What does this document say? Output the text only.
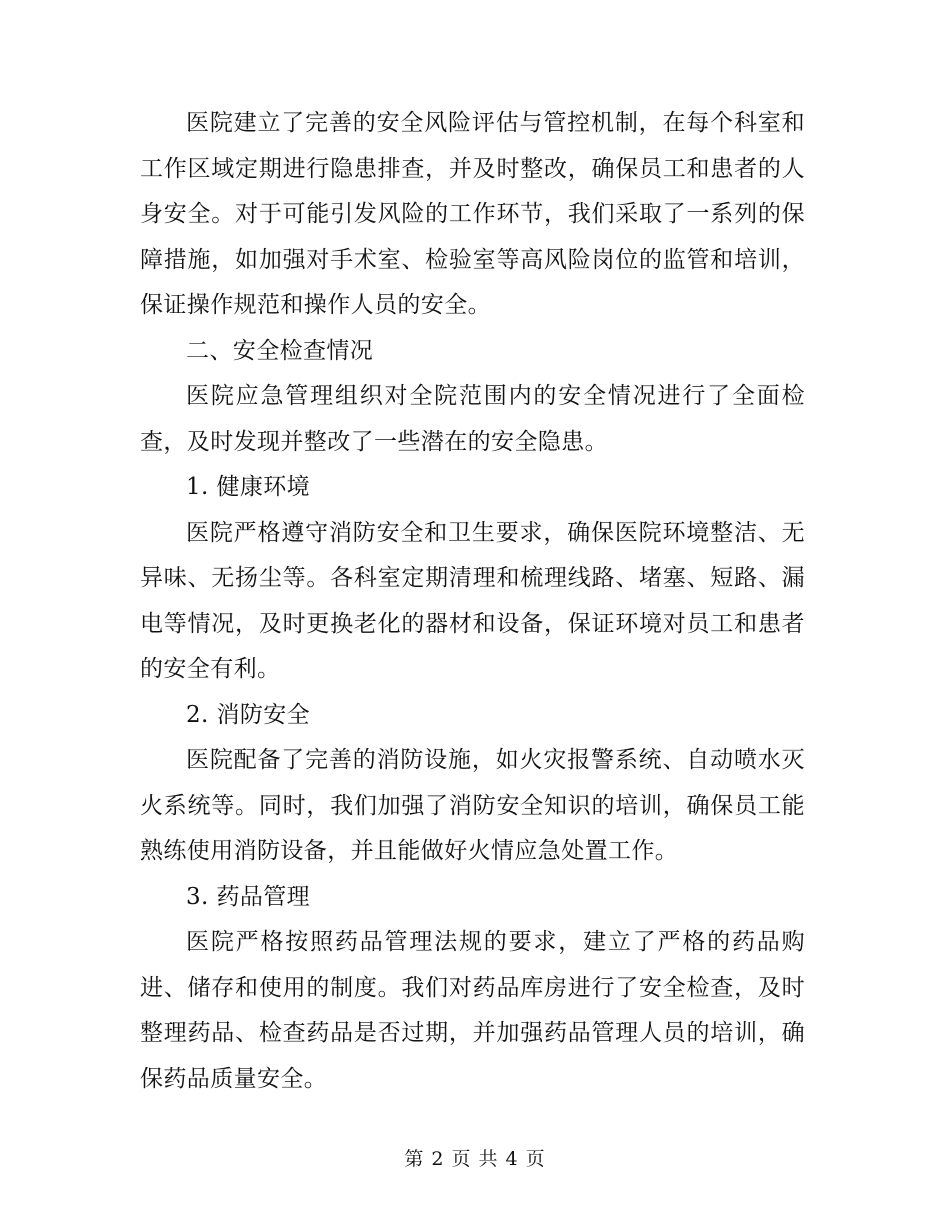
医院建立了完善的安全风险评估与管控机制，在每个科室和工作区域定期进行隐患排查，并及时整改，确保员工和患者的人身安全。对于可能引发风险的工作环节，我们采取了一系列的保障措施，如加强对手术室、检验室等高风险岗位的监管和培训，保证操作规范和操作人员的安全。

二、安全检查情况

医院应急管理组织对全院范围内的安全情况进行了全面检查，及时发现并整改了一些潜在的安全隐患。

1. 健康环境

医院严格遵守消防安全和卫生要求，确保医院环境整洁、无异味、无扬尘等。各科室定期清理和梳理线路、堵塞、短路、漏电等情况，及时更换老化的器材和设备，保证环境对员工和患者的安全有利。

2. 消防安全

医院配备了完善的消防设施，如火灾报警系统、自动喷水灭火系统等。同时，我们加强了消防安全知识的培训，确保员工能熟练使用消防设备，并且能做好火情应急处置工作。

3. 药品管理

医院严格按照药品管理法规的要求，建立了严格的药品购进、储存和使用的制度。我们对药品库房进行了安全检查，及时整理药品、检查药品是否过期，并加强药品管理人员的培训，确保药品质量安全。

第 2 页 共 4 页
